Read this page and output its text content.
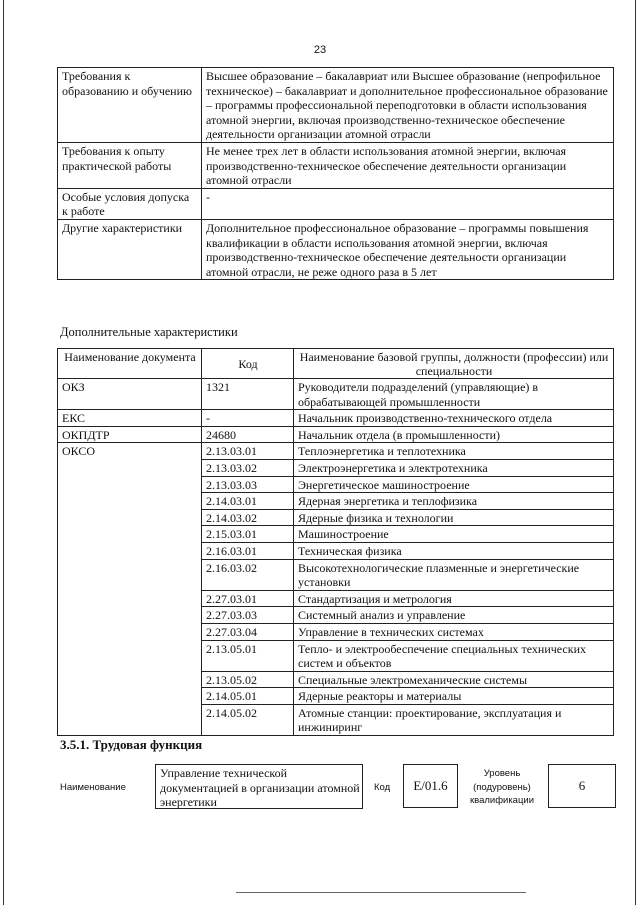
23
Требования к образованию и обучению	Высшее образование – бакалавриат или Высшее образование (непрофильное техническое) – бакалавриат и дополнительное профессиональное образование – программы профессиональной переподготовки в области использования атомной энергии, включая производственно-техническое обеспечение деятельности организации атомной отрасли
Требования к опыту практической работы	Не менее трех лет в области использования атомной энергии, включая производственно-техническое обеспечение деятельности организации атомной отрасли
Особые условия допуска к работе	-
Другие характеристики	Дополнительное профессиональное образование – программы повышения квалификации в области использования атомной энергии, включая производственно-техническое обеспечение деятельности организации атомной отрасли, не реже одного раза в 5 лет
Дополнительные характеристики
Наименование документа	Код	Наименование базовой группы, должности (профессии) или специальности
ОКЗ	1321	Руководители подразделений (управляющие) в обрабатывающей промышленности
ЕКС	-	Начальник производственно-технического отдела
ОКПДТР	24680	Начальник отдела (в промышленности)
ОКСО	2.13.03.01	Теплоэнергетика и теплотехника
	2.13.03.02	Электроэнергетика и электротехника
	2.13.03.03	Энергетическое машиностроение
	2.14.03.01	Ядерная энергетика и теплофизика
	2.14.03.02	Ядерные физика и технологии
	2.15.03.01	Машиностроение
	2.16.03.01	Техническая физика
	2.16.03.02	Высокотехнологические плазменные и энергетические установки
	2.27.03.01	Стандартизация и метрология
	2.27.03.03	Системный анализ и управление
	2.27.03.04	Управление в технических системах
	2.13.05.01	Тепло- и электрообеспечение специальных технических систем и объектов
	2.13.05.02	Специальные электромеханические системы
	2.14.05.01	Ядерные реакторы и материалы
	2.14.05.02	Атомные станции: проектирование, эксплуатация и инжиниринг
3.5.1. Трудовая функция
Наименование
Управление технической документацией в организации атомной энергетики
Код	E/01.6
Уровень (подуровень) квалификации
6
